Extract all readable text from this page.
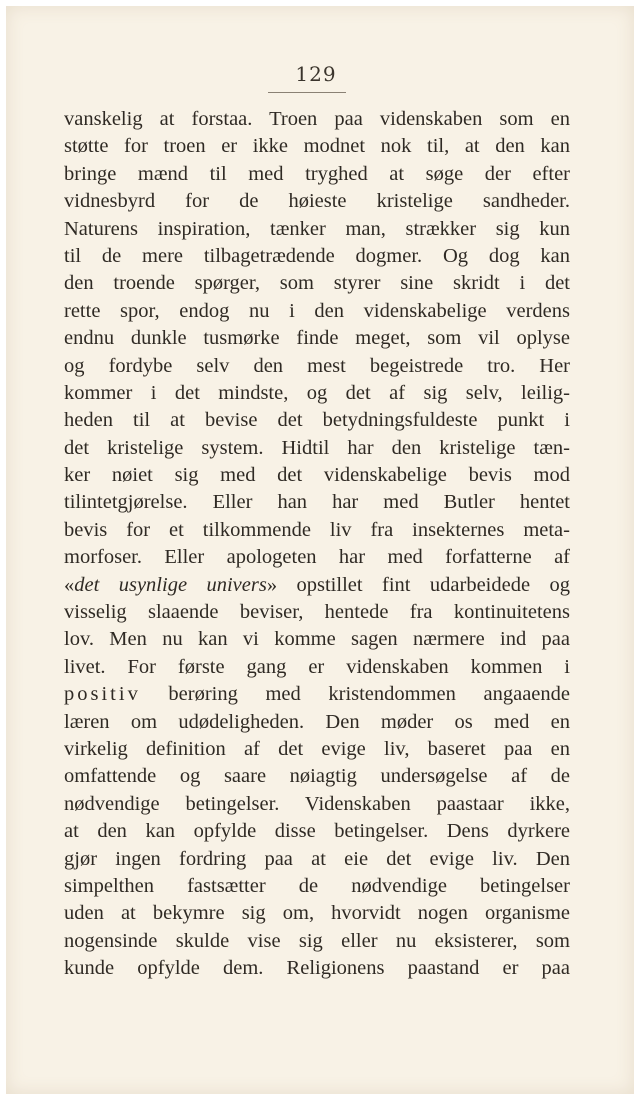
129
vanskelig at forstaa. Troen paa videnskaben som en
støtte for troen er ikke modnet nok til, at den kan
bringe mænd til med tryghed at søge der efter
vidnesbyrd for de høieste kristelige sandheder.
Naturens inspiration, tænker man, strækker sig kun
til de mere tilbagetrædende dogmer. Og dog kan
den troende spørger, som styrer sine skridt i det
rette spor, endog nu i den videnskabelige verdens
endnu dunkle tusmørke finde meget, som vil oplyse
og fordybe selv den mest begeistrede tro. Her
kommer i det mindste, og det af sig selv, leilig-
heden til at bevise det betydningsfuldeste punkt i
det kristelige system. Hidtil har den kristelige tæn-
ker nøiet sig med det videnskabelige bevis mod
tilintetgjørelse. Eller han har med Butler hentet
bevis for et tilkommende liv fra insekternes meta-
morfoser. Eller apologeten har med forfatterne af
«det usynlige univers» opstillet fint udarbeidede og
visselig slaaende beviser, hentede fra kontinuitetens
lov. Men nu kan vi komme sagen nærmere ind paa
livet. For første gang er videnskaben kommen i
positiv berøring med kristendommen angaaende
læren om udødeligheden. Den møder os med en
virkelig definition af det evige liv, baseret paa en
omfattende og saare nøiagtig undersøgelse af de
nødvendige betingelser. Videnskaben paastaar ikke,
at den kan opfylde disse betingelser. Dens dyrkere
gjør ingen fordring paa at eie det evige liv. Den
simpelthen fastsætter de nødvendige betingelser
uden at bekymre sig om, hvorvidt nogen organisme
nogensinde skulde vise sig eller nu eksisterer, som
kunde opfylde dem. Religionens paastand er paa
